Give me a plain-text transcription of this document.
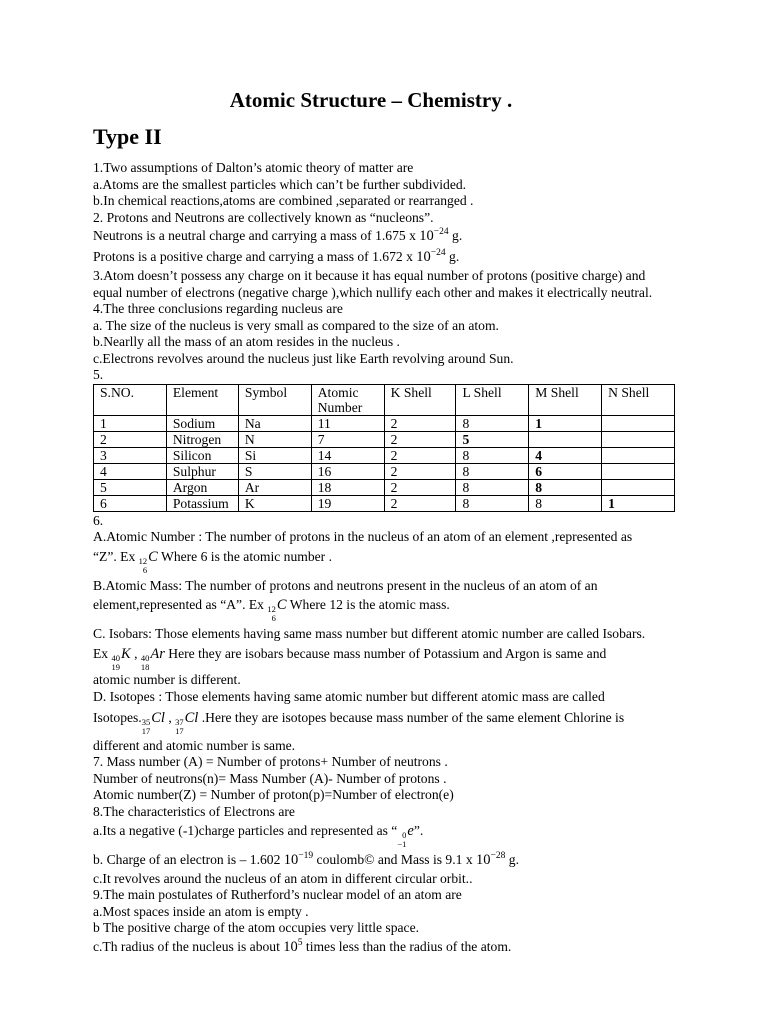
Atomic Structure – Chemistry .
Type II
1.Two assumptions of Dalton’s atomic theory of matter are
a.Atoms are the smallest particles which can’t be further subdivided.
b.In chemical reactions,atoms are combined ,separated or rearranged .
2. Protons and Neutrons are collectively known as “nucleons”.
Neutrons is a neutral charge and carrying a mass of 1.675 x $10^{-24}$ g.
Protons is a positive charge and carrying a mass of 1.672 x $10^{-24}$ g.
3.Atom doesn’t possess any charge on it because it has equal number of protons (positive charge) and equal number of electrons (negative charge ),which nullify each other and makes it electrically neutral.
4.The three conclusions regarding nucleus are
a. The size of the nucleus is very small as compared to the size of an atom.
b.Nearlly all the mass of an atom resides in the nucleus .
c.Electrons revolves around the nucleus just like Earth revolving around Sun.
5.
S.NO.	Element	Symbol	Atomic Number	K Shell	L Shell	M Shell	N Shell
1	Sodium	Na	11	2	8	1	
2	Nitrogen	N	7	2	5		
3	Silicon	Si	14	2	8	4	
4	Sulphur	S	16	2	8	6	
5	Argon	Ar	18	2	8	8	
6	Potassium	K	19	2	8	8	1
6.
A.Atomic Number : The number of protons in the nucleus of an atom of an element ,represented as
“Z”. Ex 12
6
C Where 6 is the atomic number .
B.Atomic Mass: The number of protons and neutrons present in the nucleus of an atom of an
element,represented as “A”. Ex 12
6
C Where 12 is the atomic mass.
C. Isobars: Those elements having same mass number but different atomic number are called Isobars.
Ex 40
19
K , 40
18
Ar Here they are isobars because mass number of Potassium and Argon is same and
atomic number is different.
D. Isotopes : Those elements having same atomic number but different atomic mass are called
Isotopes. 35
17
Cl , 37
17
Cl .Here they are isotopes because mass number of the same element Chlorine is
different and atomic number is same.
7. Mass number (A) = Number of protons+ Number of neutrons .
Number of neutrons(n)= Mass Number (A)- Number of protons .
Atomic number(Z) = Number of proton(p)=Number of electron(e)
8.The characteristics of Electrons are
a.Its a negative (-1)charge particles and represented as “ 0
−1
e”.
b. Charge of an electron is – 1.602 $10^{-19}$ coulomb© and Mass is 9.1 x $10^{-28}$ g.
c.It revolves around the nucleus of an atom in different circular orbit..
9.The main postulates of Rutherford’s nuclear model of an atom are
a.Most spaces inside an atom is empty .
b The positive charge of the atom occupies very little space.
c.Th radius of the nucleus is about $10^5$ times less than the radius of the atom.
